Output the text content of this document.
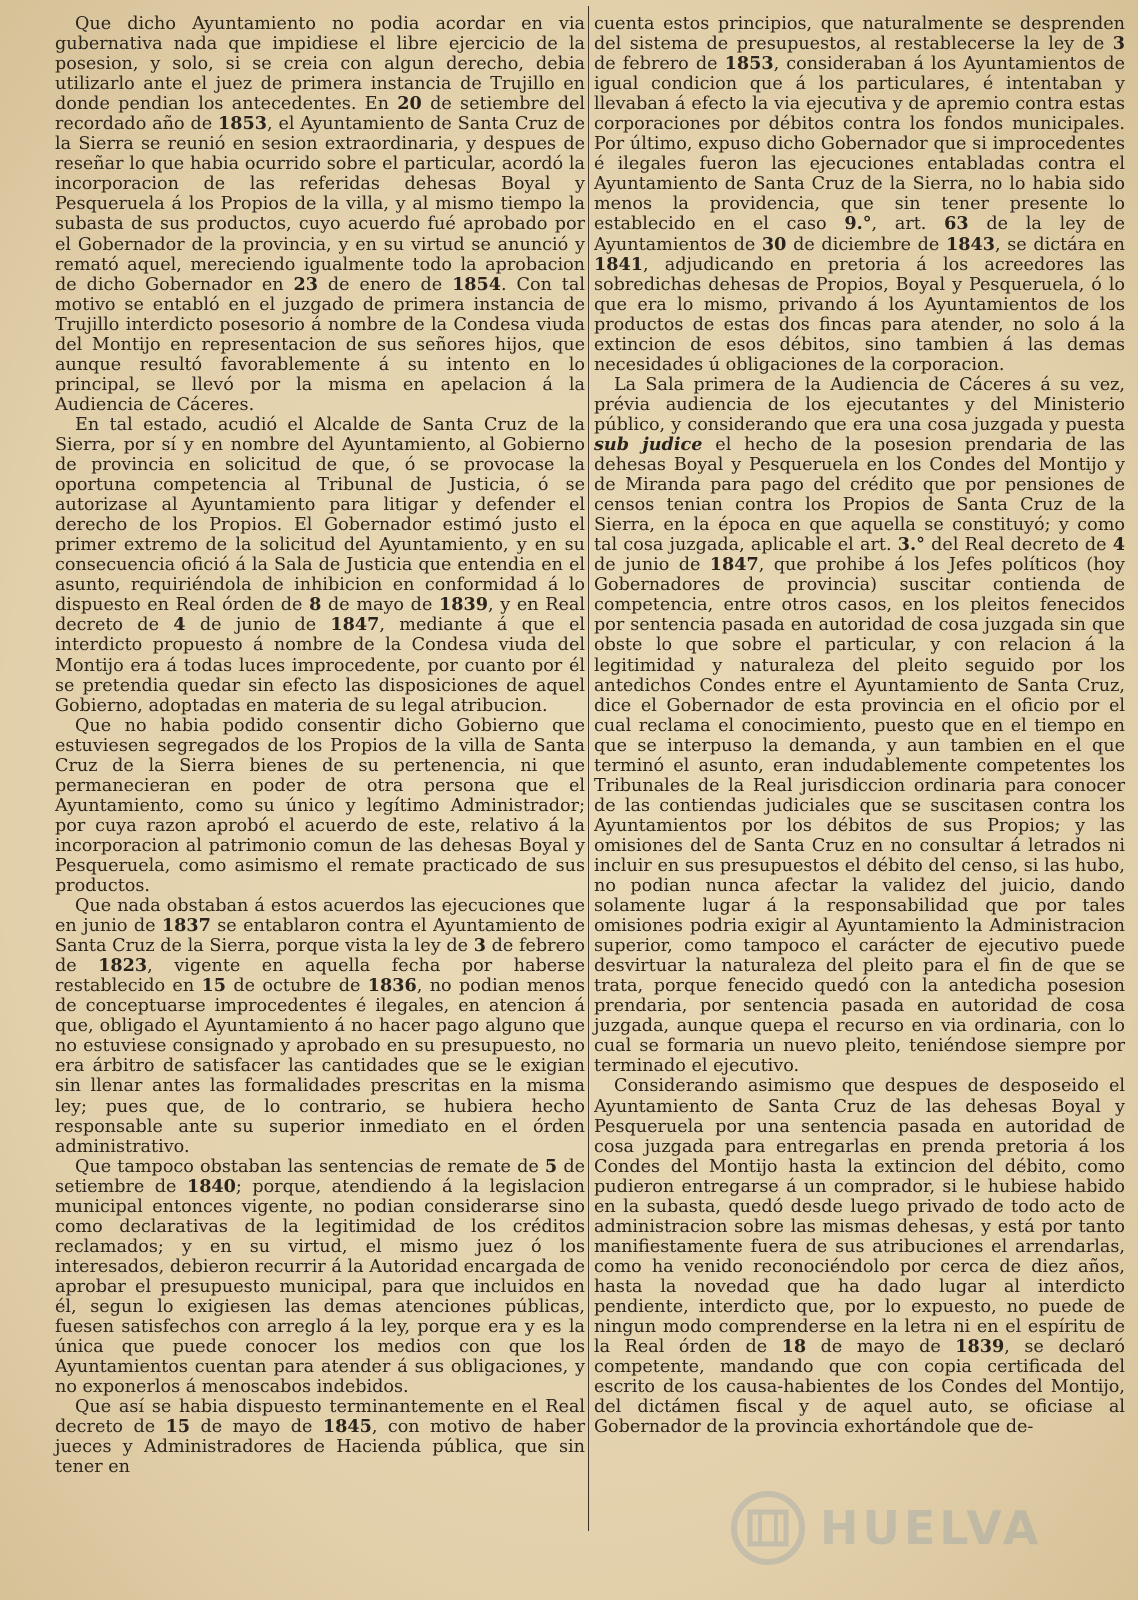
Que dicho Ayuntamiento no podia acordar en via gubernativa nada que impidiese el libre ejercicio de la posesion, y solo, si se creia con algun derecho, debia utilizarlo ante el juez de primera instancia de Trujillo en donde pendian los antecedentes. En 20 de setiembre del recordado año de 1853, el Ayuntamiento de Santa Cruz de la Sierra se reunió en sesion extraordinaria, y despues de reseñar lo que habia ocurrido sobre el particular, acordó la incorporacion de las referidas dehesas Boyal y Pesqueruela á los Propios de la villa, y al mismo tiempo la subasta de sus productos, cuyo acuerdo fué aprobado por el Gobernador de la provincia, y en su virtud se anunció y remató aquel, mereciendo igualmente todo la aprobacion de dicho Gobernador en 23 de enero de 1854. Con tal motivo se entabló en el juzgado de primera instancia de Trujillo interdicto posesorio á nombre de la Condesa viuda del Montijo en representacion de sus señores hijos, que aunque resultó favorablemente á su intento en lo principal, se llevó por la misma en apelacion á la Audiencia de Cáceres.

En tal estado, acudió el Alcalde de Santa Cruz de la Sierra, por sí y en nombre del Ayuntamiento, al Gobierno de provincia en solicitud de que, ó se provocase la oportuna competencia al Tribunal de Justicia, ó se autorizase al Ayuntamiento para litigar y defender el derecho de los Propios. El Gobernador estimó justo el primer extremo de la solicitud del Ayuntamiento, y en su consecuencia ofició á la Sala de Justicia que entendia en el asunto, requiriéndola de inhibicion en conformidad á lo dispuesto en Real órden de 8 de mayo de 1839, y en Real decreto de 4 de junio de 1847, mediante á que el interdicto propuesto á nombre de la Condesa viuda del Montijo era á todas luces improcedente, por cuanto por él se pretendia quedar sin efecto las disposiciones de aquel Gobierno, adoptadas en materia de su legal atribucion.

Que no habia podido consentir dicho Gobierno que estuviesen segregados de los Propios de la villa de Santa Cruz de la Sierra bienes de su pertenencia, ni que permanecieran en poder de otra persona que el Ayuntamiento, como su único y legítimo Administrador; por cuya razon aprobó el acuerdo de este, relativo á la incorporacion al patrimonio comun de las dehesas Boyal y Pesqueruela, como asimismo el remate practicado de sus productos.

Que nada obstaban á estos acuerdos las ejecuciones que en junio de 1837 se entablaron contra el Ayuntamiento de Santa Cruz de la Sierra, porque vista la ley de 3 de febrero de 1823, vigente en aquella fecha por haberse restablecido en 15 de octubre de 1836, no podian menos de conceptuarse improcedentes é ilegales, en atencion á que, obligado el Ayuntamiento á no hacer pago alguno que no estuviese consignado y aprobado en su presupuesto, no era árbitro de satisfacer las cantidades que se le exigian sin llenar antes las formalidades prescritas en la misma ley; pues que, de lo contrario, se hubiera hecho responsable ante su superior inmediato en el órden administrativo.

Que tampoco obstaban las sentencias de remate de 5 de setiembre de 1840; porque, atendiendo á la legislacion municipal entonces vigente, no podian considerarse sino como declarativas de la legitimidad de los créditos reclamados; y en su virtud, el mismo juez ó los interesados, debieron recurrir á la Autoridad encargada de aprobar el presupuesto municipal, para que incluidos en él, segun lo exigiesen las demas atenciones públicas, fuesen satisfechos con arreglo á la ley, porque era y es la única que puede conocer los medios con que los Ayuntamientos cuentan para atender á sus obligaciones, y no exponerlos á menoscabos indebidos.

Que así se habia dispuesto terminantemente en el Real decreto de 15 de mayo de 1845, con motivo de haber jueces y Administradores de Hacienda pública, que sin tener en

cuenta estos principios, que naturalmente se desprenden del sistema de presupuestos, al restablecerse la ley de 3 de febrero de 1853, consideraban á los Ayuntamientos de igual condicion que á los particulares, é intentaban y llevaban á efecto la via ejecutiva y de apremio contra estas corporaciones por débitos contra los fondos municipales. Por último, expuso dicho Gobernador que si improcedentes é ilegales fueron las ejecuciones entabladas contra el Ayuntamiento de Santa Cruz de la Sierra, no lo habia sido menos la providencia, que sin tener presente lo establecido en el caso 9.°, art. 63 de la ley de Ayuntamientos de 30 de diciembre de 1843, se dictára en 1841, adjudicando en pretoria á los acreedores las sobredichas dehesas de Propios, Boyal y Pesqueruela, ó lo que era lo mismo, privando á los Ayuntamientos de los productos de estas dos fincas para atender, no solo á la extincion de esos débitos, sino tambien á las demas necesidades ú obligaciones de la corporacion.

La Sala primera de la Audiencia de Cáceres á su vez, prévia audiencia de los ejecutantes y del Ministerio público, y considerando que era una cosa juzgada y puesta sub judice el hecho de la posesion prendaria de las dehesas Boyal y Pesqueruela en los Condes del Montijo y de Miranda para pago del crédito que por pensiones de censos tenian contra los Propios de Santa Cruz de la Sierra, en la época en que aquella se constituyó; y como tal cosa juzgada, aplicable el art. 3.° del Real decreto de 4 de junio de 1847, que prohibe á los Jefes políticos (hoy Gobernadores de provincia) suscitar contienda de competencia, entre otros casos, en los pleitos fenecidos por sentencia pasada en autoridad de cosa juzgada sin que obste lo que sobre el particular, y con relacion á la legitimidad y naturaleza del pleito seguido por los antedichos Condes entre el Ayuntamiento de Santa Cruz, dice el Gobernador de esta provincia en el oficio por el cual reclama el conocimiento, puesto que en el tiempo en que se interpuso la demanda, y aun tambien en el que terminó el asunto, eran indudablemente competentes los Tribunales de la Real jurisdiccion ordinaria para conocer de las contiendas judiciales que se suscitasen contra los Ayuntamientos por los débitos de sus Propios; y las omisiones del de Santa Cruz en no consultar á letrados ni incluir en sus presupuestos el débito del censo, si las hubo, no podian nunca afectar la validez del juicio, dando solamente lugar á la responsabilidad que por tales omisiones podria exigir al Ayuntamiento la Administracion superior, como tampoco el carácter de ejecutivo puede desvirtuar la naturaleza del pleito para el fin de que se trata, porque fenecido quedó con la antedicha posesion prendaria, por sentencia pasada en autoridad de cosa juzgada, aunque quepa el recurso en via ordinaria, con lo cual se formaria un nuevo pleito, teniéndose siempre por terminado el ejecutivo.

Considerando asimismo que despues de desposeido el Ayuntamiento de Santa Cruz de las dehesas Boyal y Pesqueruela por una sentencia pasada en autoridad de cosa juzgada para entregarlas en prenda pretoria á los Condes del Montijo hasta la extincion del débito, como pudieron entregarse á un comprador, si le hubiese habido en la subasta, quedó desde luego privado de todo acto de administracion sobre las mismas dehesas, y está por tanto manifiestamente fuera de sus atribuciones el arrendarlas, como ha venido reconociéndolo por cerca de diez años, hasta la novedad que ha dado lugar al interdicto pendiente, interdicto que, por lo expuesto, no puede de ningun modo comprenderse en la letra ni en el espíritu de la Real órden de 18 de mayo de 1839, se declaró competente, mandando que con copia certificada del escrito de los causa-habientes de los Condes del Montijo, del dictámen fiscal y de aquel auto, se oficiase al Gobernador de la provincia exhortándole que de-

HUELVA
